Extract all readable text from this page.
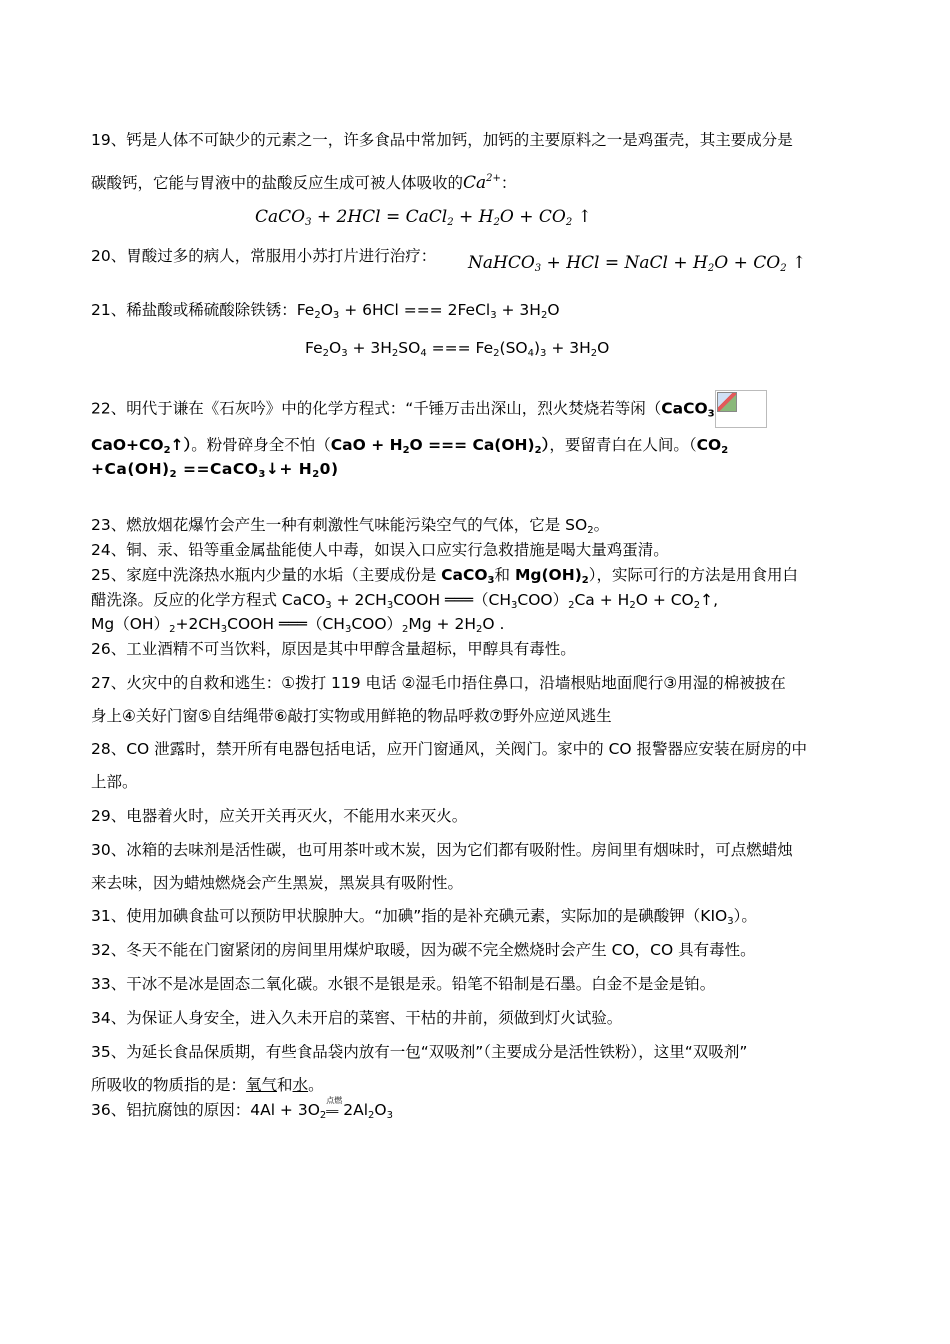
19、钙是人体不可缺少的元素之一，许多食品中常加钙，加钙的主要原料之一是鸡蛋壳，其主要成分是
碳酸钙，它能与胃液中的盐酸反应生成可被人体吸收的$Ca^{2+}$：
CaCO$_3$ + 2HCl = CaCl$_2$ + $H_2O + CO_2$ ↑
20、胃酸过多的病人，常服用小苏打片进行治疗： NaHCO$_3$ + HCl = NaCl + $H_2O + CO_2$ ↑
21、稀盐酸或稀硫酸除铁锈：$Fe_2O_3 + 6HCl$ === 2FeCl$_3$ + $3H_2O$
$Fe_2O_3 + 3H_2SO_4$ === $Fe_2(SO_4)_3 + 3H_2O$
22、明代于谦在《石灰吟》中的化学方程式：“千锤万击出深山，烈火焚烧若等闲（CaCO$_3$
$CaO+CO_2↑$）。粉骨碎身全不怕（$CaO + H_2O$ === $Ca(OH)_2$），要留青白在人间。（$CO_2$
$+Ca(OH)_2$ ==CaCO$_3$↓+ $H_20$)
23、燃放烟花爆竹会产生一种有刺激性气味能污染空气的气体，它是 $SO_2$。
24、铜、汞、铅等重金属盐能使人中毒，如误入口应实行急救措施是喝大量鸡蛋清。
25、家庭中洗涤热水瓶内少量的水垢（主要成份是 CaCO$_3$和 $Mg(OH)_2$），实际可行的方法是用食用白
醋洗涤。反应的化学方程式 CaCO$_3$ + $2CH_3COOH$ $═══(CH_3COO)_2Ca + H_2O$ + $CO_2↑$,
$Mg(OH)_2+2CH_3COOH$ $═══(CH_3COO)_2Mg + 2H_2O$ .
26、工业酒精不可当饮料，原因是其中甲醇含量超标，甲醇具有毒性。
27、火灾中的自救和逃生：①拨打 119 电话 ②湿毛巾捂住鼻口，沿墙根贴地面爬行③用湿的棉被披在
身上④关好门窗⑤自结绳带⑥敲打实物或用鲜艳的物品呼救⑦野外应逆风逃生
28、CO 泄露时，禁开所有电器包括电话，应开门窗通风，关阀门。家中的 CO 报警器应安装在厨房的中
上部。
29、电器着火时，应关开关再灭火，不能用水来灭火。
30、冰箱的去味剂是活性碳，也可用茶叶或木炭，因为它们都有吸附性。房间里有烟味时，可点燃蜡烛
来去味，因为蜡烛燃烧会产生黑炭，黑炭具有吸附性。
31、使用加碘食盐可以预防甲状腺肿大。“加碘”指的是补充碘元素，实际加的是碘酸钾$(KIO_3)$。
32、冬天不能在门窗紧闭的房间里用煤炉取暖，因为碳不完全燃烧时会产生 CO，CO 具有毒性。
33、干冰不是冰是固态二氧化碳。水银不是银是汞。铅笔不铅制是石墨。白金不是金是铂。
34、为保证人身安全，进入久未开启的菜窖、干枯的井前，须做到灯火试验。
35、为延长食品保质期，有些食品袋内放有一包“双吸剂”（主要成分是活性铁粉），这里“双吸剂”
所吸收的物质指的是：氧气和水。
36、铝抗腐蚀的原因：$4Al + 3O_2$
点燃
══ $2Al_2O_3$
